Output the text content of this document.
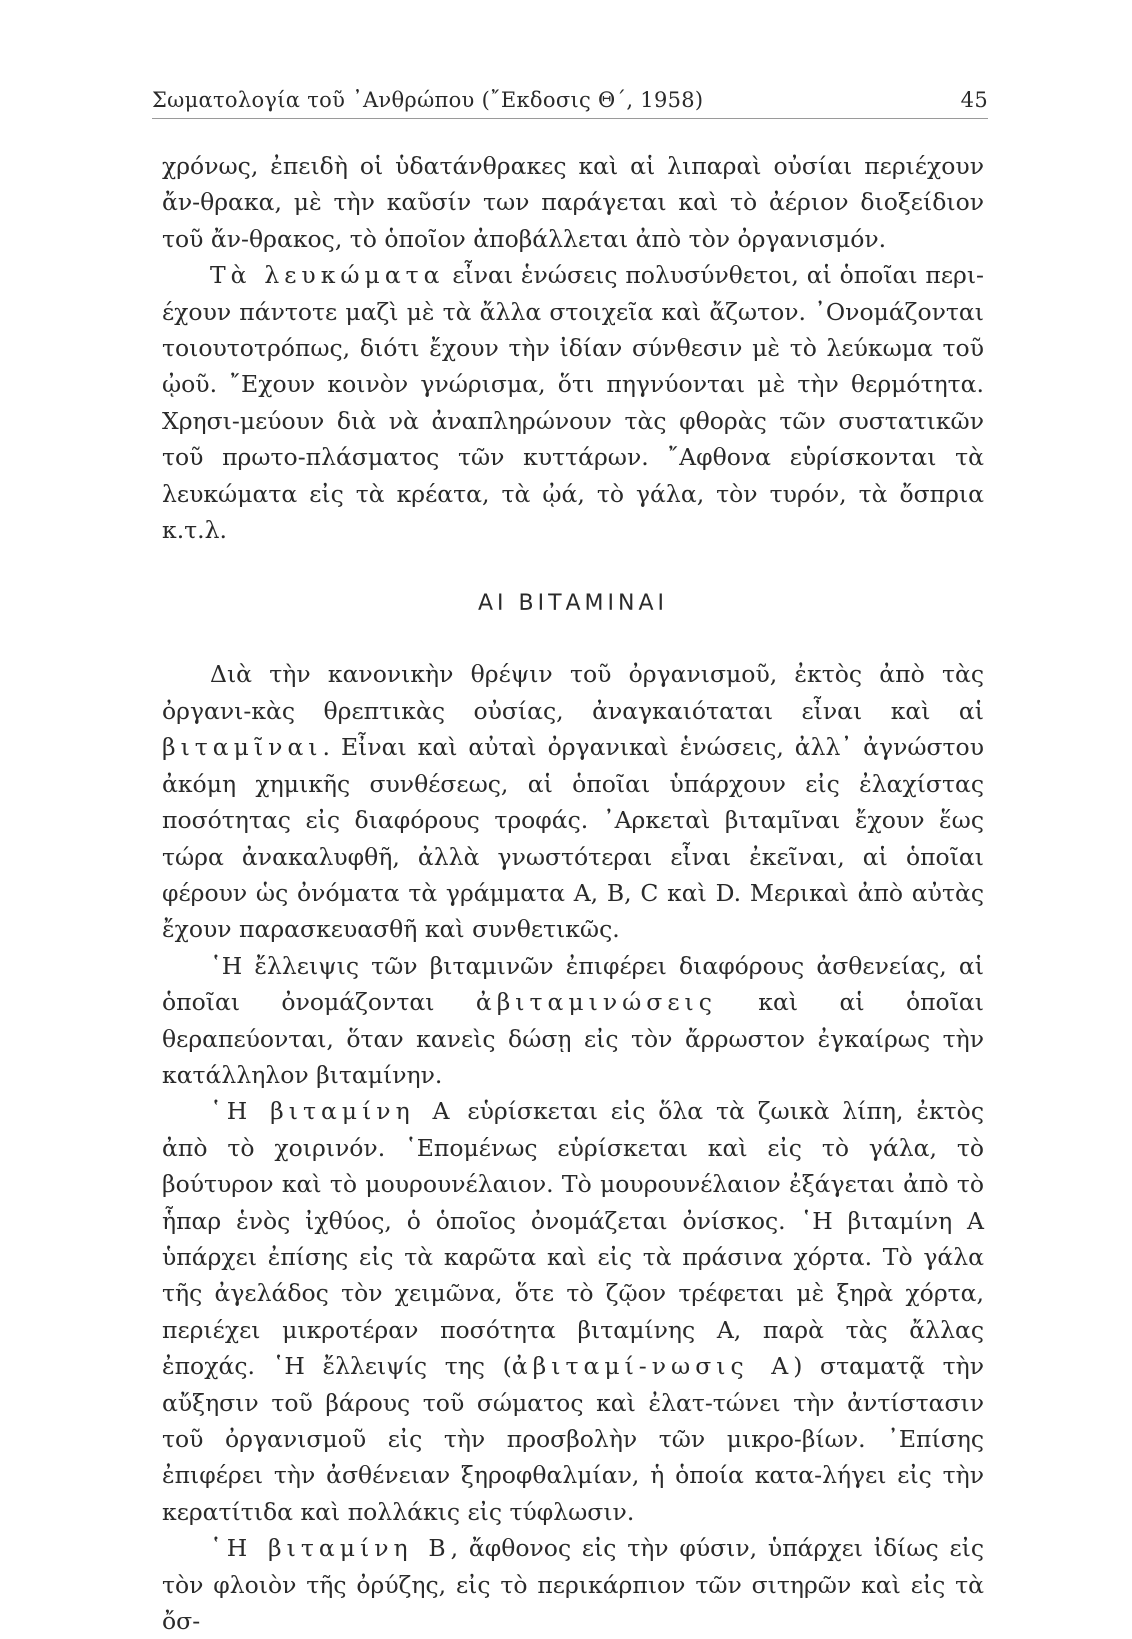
Σωματολογία τοῦ ᾿Ανθρώπου (῎Εκδοσις Θ΄, 1958)	45

χρόνως, ἐπειδὴ οἱ ὑδατάνθρακες καὶ αἱ λιπαραὶ οὐσίαι περιέχουν ἄν-θρακα, μὲ τὴν καῦσίν των παράγεται καὶ τὸ ἀέριον διοξείδιον τοῦ ἄν-θρακος, τὸ ὁποῖον ἀποβάλλεται ἀπὸ τὸν ὀργανισμόν.

Τὰ λευκώματα εἶναι ἑνώσεις πολυσύνθετοι, αἱ ὁποῖαι περι-έχουν πάντοτε μαζὶ μὲ τὰ ἄλλα στοιχεῖα καὶ ἄζωτον. ᾿Ονομάζονται τοιουτοτρόπως, διότι ἔχουν τὴν ἰδίαν σύνθεσιν μὲ τὸ λεύκωμα τοῦ ᾠοῦ. ῎Εχουν κοινὸν γνώρισμα, ὅτι πηγνύονται μὲ τὴν θερμότητα. Χρησι-μεύουν διὰ νὰ ἀναπληρώνουν τὰς φθορὰς τῶν συστατικῶν τοῦ πρωτο-πλάσματος τῶν κυττάρων. ῎Αφθονα εὑρίσκονται τὰ λευκώματα εἰς τὰ κρέατα, τὰ ᾠά, τὸ γάλα, τὸν τυρόν, τὰ ὄσπρια κ.τ.λ.

ΑΙ ΒΙΤΑΜΙΝΑΙ

Διὰ τὴν κανονικὴν θρέψιν τοῦ ὀργανισμοῦ, ἐκτὸς ἀπὸ τὰς ὀργανι-κὰς θρεπτικὰς οὐσίας, ἀναγκαιόταται εἶναι καὶ αἱ βιταμῖναι. Εἶναι καὶ αὐταὶ ὀργανικαὶ ἑνώσεις, ἀλλ᾿ ἀγνώστου ἀκόμη χημικῆς συνθέσεως, αἱ ὁποῖαι ὑπάρχουν εἰς ἐλαχίστας ποσότητας εἰς διαφόρους τροφάς. ᾿Αρκεταὶ βιταμῖναι ἔχουν ἕως τώρα ἀνακαλυφθῆ, ἀλλὰ γνωστότεραι εἶναι ἐκεῖναι, αἱ ὁποῖαι φέρουν ὡς ὀνόματα τὰ γράμματα Α, Β, C καὶ D. Μερικαὶ ἀπὸ αὐτὰς ἔχουν παρασκευασθῆ καὶ συνθετικῶς.

῾Η ἔλλειψις τῶν βιταμινῶν ἐπιφέρει διαφόρους ἀσθενείας, αἱ ὁποῖαι ὀνομάζονται ἀβιταμινώσεις καὶ αἱ ὁποῖαι θεραπεύονται, ὅταν κανεὶς δώσῃ εἰς τὸν ἄρρωστον ἐγκαίρως τὴν κατάλληλον βιταμίνην.

῾Η βιταμίνη Α εὑρίσκεται εἰς ὅλα τὰ ζωικὰ λίπη, ἐκτὸς ἀπὸ τὸ χοιρινόν. ῾Επομένως εὑρίσκεται καὶ εἰς τὸ γάλα, τὸ βούτυρον καὶ τὸ μουρουνέλαιον. Τὸ μουρουνέλαιον ἐξάγεται ἀπὸ τὸ ἧπαρ ἑνὸς ἰχθύος, ὁ ὁποῖος ὀνομάζεται ὀνίσκος. ῾Η βιταμίνη Α ὑπάρχει ἐπίσης εἰς τὰ καρῶτα καὶ εἰς τὰ πράσινα χόρτα. Τὸ γάλα τῆς ἀγελάδος τὸν χειμῶνα, ὅτε τὸ ζῷον τρέφεται μὲ ξηρὰ χόρτα, περιέχει μικροτέραν ποσότητα βιταμίνης Α, παρὰ τὰς ἄλλας ἐποχάς. ῾Η ἔλλειψίς της (ἀβιταμί-νωσις Α) σταματᾷ τὴν αὔξησιν τοῦ βάρους τοῦ σώματος καὶ ἐλατ-τώνει τὴν ἀντίστασιν τοῦ ὀργανισμοῦ εἰς τὴν προσβολὴν τῶν μικρο-βίων. ᾿Επίσης ἐπιφέρει τὴν ἀσθένειαν ξηροφθαλμίαν, ἡ ὁποία κατα-λήγει εἰς τὴν κερατίτιδα καὶ πολλάκις εἰς τύφλωσιν.

῾Η βιταμίνη Β, ἄφθονος εἰς τὴν φύσιν, ὑπάρχει ἰδίως εἰς τὸν φλοιὸν τῆς ὀρύζης, εἰς τὸ περικάρπιον τῶν σιτηρῶν καὶ εἰς τὰ ὄσ-
